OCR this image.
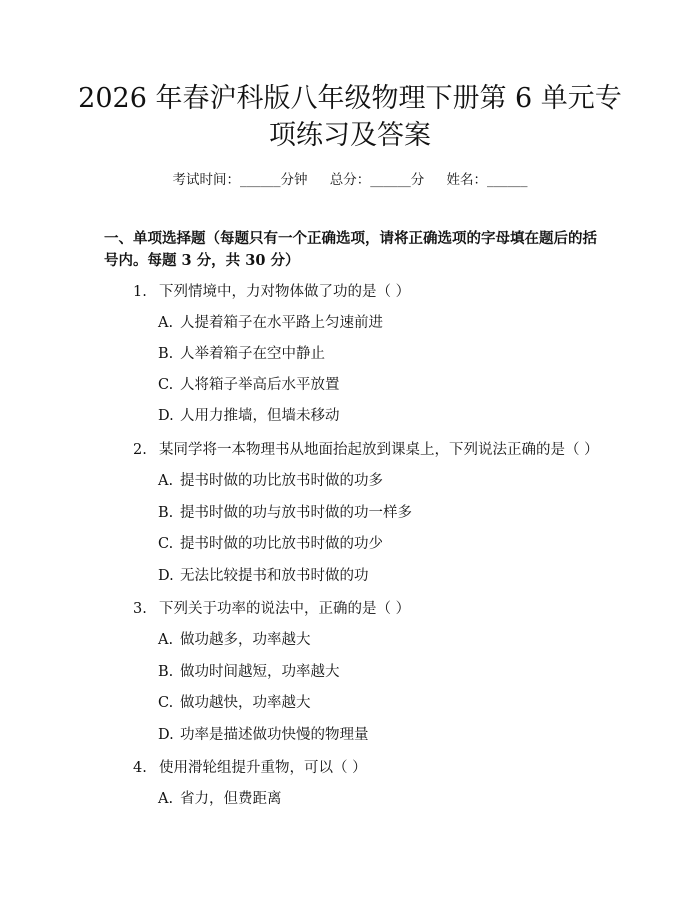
2026 年春沪科版八年级物理下册第 6 单元专
项练习及答案
考试时间：______分钟 总分：______分 姓名：______
一、单项选择题（每题只有一个正确选项，请将正确选项的字母填在题后的括号内。每题 3 分，共 30 分）
1. 下列情境中，力对物体做了功的是（ ）
A. 人提着箱子在水平路上匀速前进
B. 人举着箱子在空中静止
C. 人将箱子举高后水平放置
D. 人用力推墙，但墙未移动
2. 某同学将一本物理书从地面抬起放到课桌上，下列说法正确的是（ ）
A. 提书时做的功比放书时做的功多
B. 提书时做的功与放书时做的功一样多
C. 提书时做的功比放书时做的功少
D. 无法比较提书和放书时做的功
3. 下列关于功率的说法中，正确的是（ ）
A. 做功越多，功率越大
B. 做功时间越短，功率越大
C. 做功越快，功率越大
D. 功率是描述做功快慢的物理量
4. 使用滑轮组提升重物，可以（ ）
A. 省力，但费距离
